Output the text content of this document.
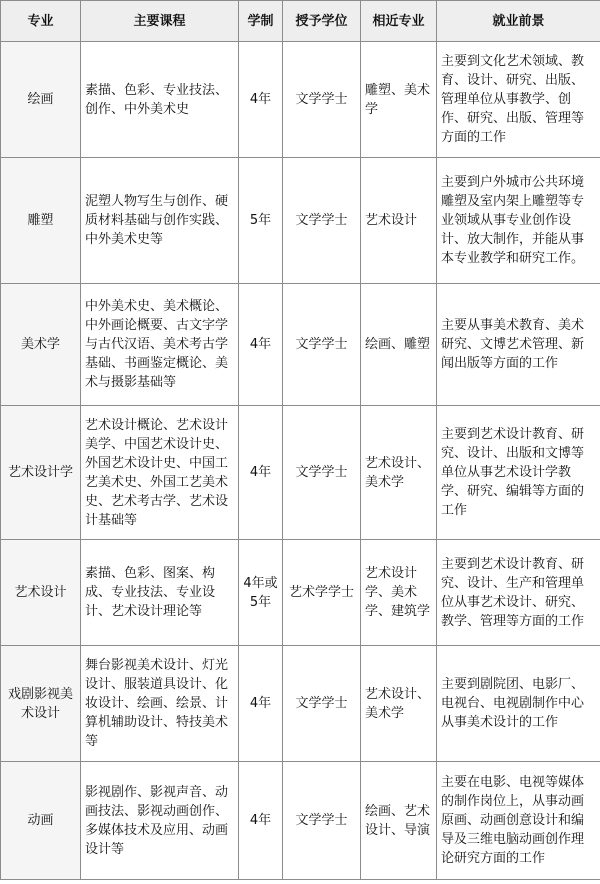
专业	主要课程	学制	授予学位	相近专业	就业前景
绘画	素描、色彩、专业技法、创作、中外美术史	4年	文学学士	雕塑、美术学	主要到文化艺术领域、教育、设计、研究、出版、管理单位从事教学、创作、研究、出版、管理等方面的工作
雕塑	泥塑人物写生与创作、硬质材料基础与创作实践、中外美术史等	5年	文学学士	艺术设计	主要到户外城市公共环境雕塑及室内架上雕塑等专业领域从事专业创作设计、放大制作，并能从事本专业教学和研究工作。
美术学	中外美术史、美术概论、中外画论概要、古文字学与古代汉语、美术考古学基础、书画鉴定概论、美术与摄影基础等	4年	文学学士	绘画、雕塑	主要从事美术教育、美术研究、文博艺术管理、新闻出版等方面的工作
艺术设计学	艺术设计概论、艺术设计美学、中国艺术设计史、外国艺术设计史、中国工艺美术史、外国工艺美术史、艺术考古学、艺术设计基础等	4年	文学学士	艺术设计、美术学	主要到艺术设计教育、研究、设计、出版和文博等单位从事艺术设计学教学、研究、编辑等方面的工作
艺术设计	素描、色彩、图案、构成、专业技法、专业设计、艺术设计理论等	4年或5年	艺术学学士	艺术设计学、美术学、建筑学	主要到艺术设计教育、研究、设计、生产和管理单位从事艺术设计、研究、教学、管理等方面的工作
戏剧影视美术设计	舞台影视美术设计、灯光设计、服装道具设计、化妆设计、绘画、绘景、计算机辅助设计、特技美术等	4年	文学学士	艺术设计、美术学	主要到剧院团、电影厂、电视台、电视剧制作中心从事美术设计的工作
动画	影视剧作、影视声音、动画技法、影视动画创作、多媒体技术及应用、动画设计等	4年	文学学士	绘画、艺术设计、导演	主要在电影、电视等媒体的制作岗位上，从事动画原画、动画创意设计和编导及三维电脑动画创作理论研究方面的工作
